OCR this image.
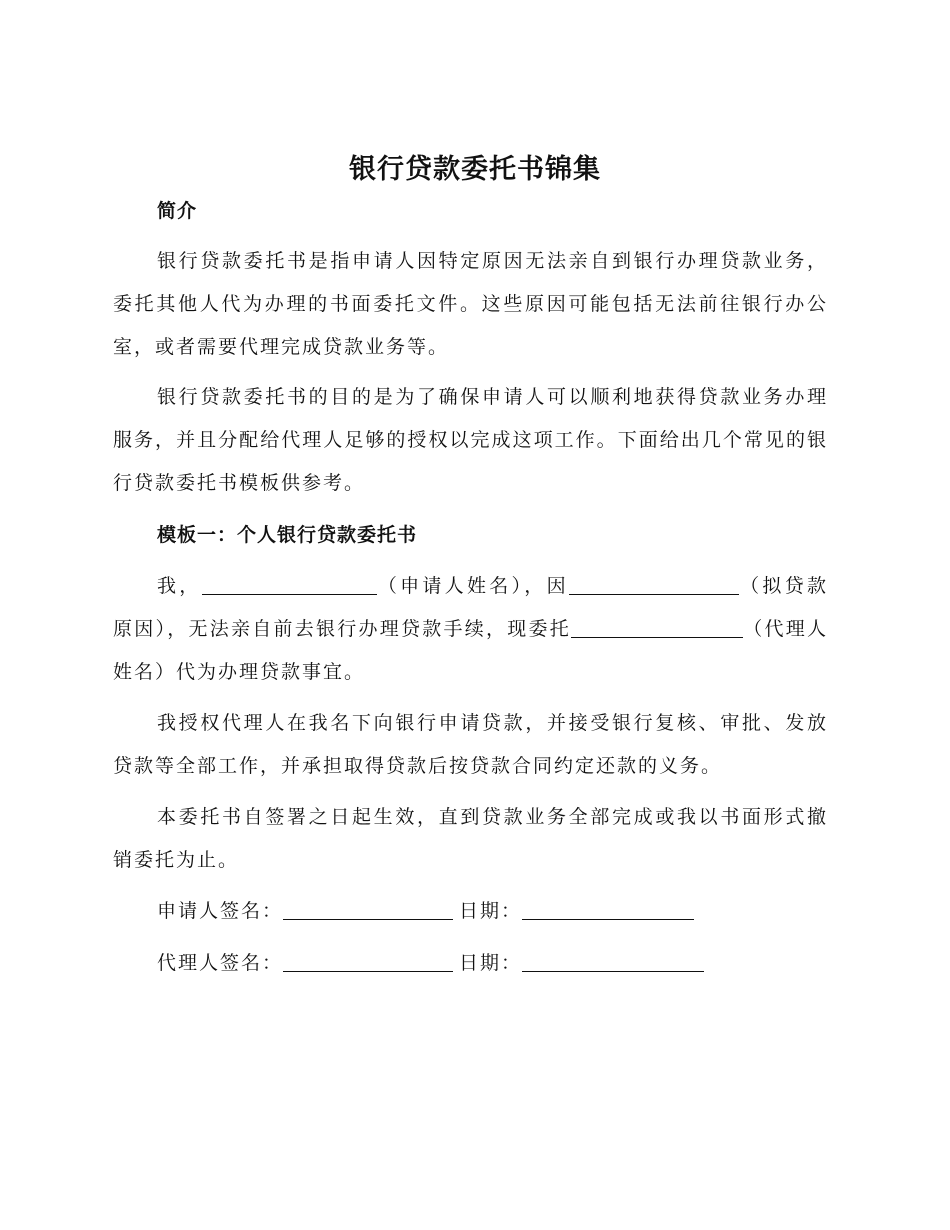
银行贷款委托书锦集
简介

银行贷款委托书是指申请人因特定原因无法亲自到银行办理贷款业务，委托其他人代为办理的书面委托文件。这些原因可能包括无法前往银行办公室，或者需要代理完成贷款业务等。

银行贷款委托书的目的是为了确保申请人可以顺利地获得贷款业务办理服务，并且分配给代理人足够的授权以完成这项工作。下面给出几个常见的银行贷款委托书模板供参考。

模板一：个人银行贷款委托书

我，	（申请人姓名），因	（拟贷款原因），无法亲自前去银行办理贷款手续，现委托	（代理人姓名）代为办理贷款事宜。

我授权代理人在我名下向银行申请贷款，并接受银行复核、审批、发放贷款等全部工作，并承担取得贷款后按贷款合同约定还款的义务。

本委托书自签署之日起生效，直到贷款业务全部完成或我以书面形式撤销委托为止。

申请人签名：	日期：
代理人签名：	日期：
